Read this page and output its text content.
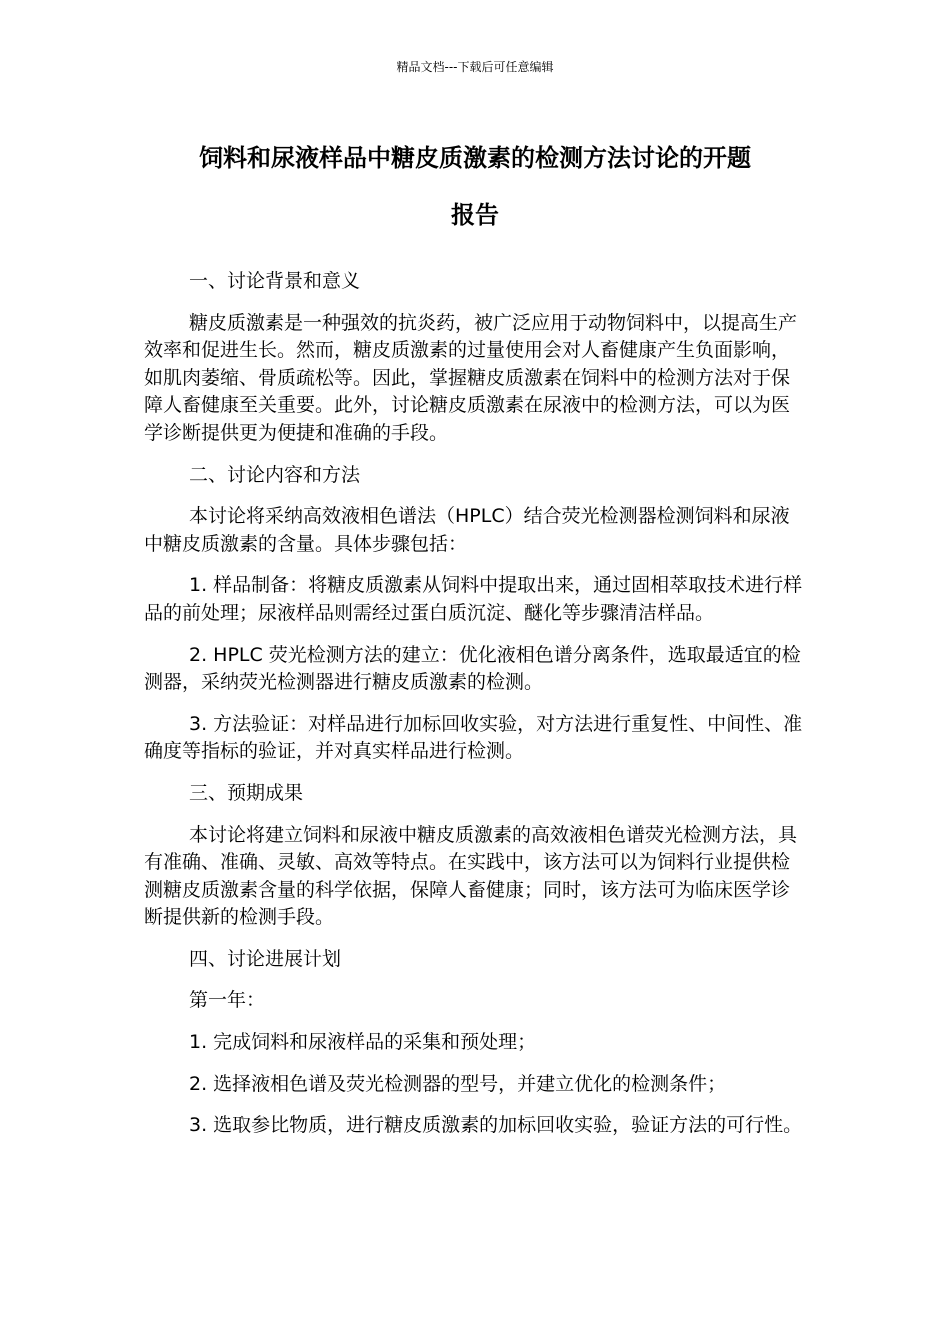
精品文档---下载后可任意编辑
饲料和尿液样品中糖皮质激素的检测方法讨论的开题
报告

一、讨论背景和意义

糖皮质激素是一种强效的抗炎药，被广泛应用于动物饲料中，以提高生产效率和促进生长。然而，糖皮质激素的过量使用会对人畜健康产生负面影响，如肌肉萎缩、骨质疏松等。因此，掌握糖皮质激素在饲料中的检测方法对于保障人畜健康至关重要。此外，讨论糖皮质激素在尿液中的检测方法，可以为医学诊断提供更为便捷和准确的手段。

二、讨论内容和方法

本讨论将采纳高效液相色谱法（HPLC）结合荧光检测器检测饲料和尿液中糖皮质激素的含量。具体步骤包括：

1. 样品制备：将糖皮质激素从饲料中提取出来，通过固相萃取技术进行样品的前处理；尿液样品则需经过蛋白质沉淀、醚化等步骤清洁样品。

2. HPLC 荧光检测方法的建立：优化液相色谱分离条件，选取最适宜的检测器，采纳荧光检测器进行糖皮质激素的检测。

3. 方法验证：对样品进行加标回收实验，对方法进行重复性、中间性、准确度等指标的验证，并对真实样品进行检测。

三、预期成果

本讨论将建立饲料和尿液中糖皮质激素的高效液相色谱荧光检测方法，具有准确、准确、灵敏、高效等特点。在实践中，该方法可以为饲料行业提供检测糖皮质激素含量的科学依据，保障人畜健康；同时，该方法可为临床医学诊断提供新的检测手段。

四、讨论进展计划

第一年：

1. 完成饲料和尿液样品的采集和预处理；

2. 选择液相色谱及荧光检测器的型号，并建立优化的检测条件；

3. 选取参比物质，进行糖皮质激素的加标回收实验，验证方法的可行性。
